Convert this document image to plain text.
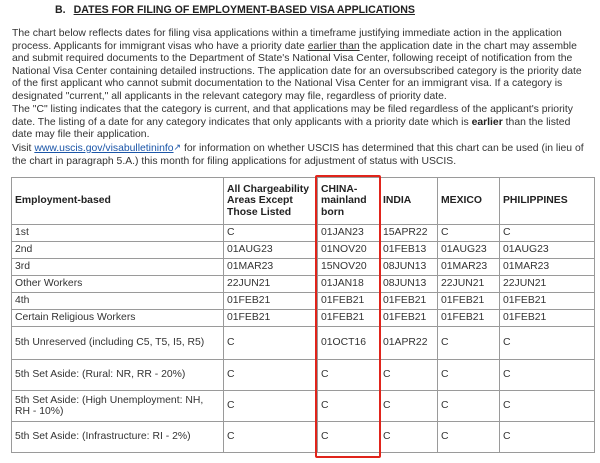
B. DATES FOR FILING OF EMPLOYMENT-BASED VISA APPLICATIONS
The chart below reflects dates for filing visa applications within a timeframe justifying immediate action in the application process. Applicants for immigrant visas who have a priority date earlier than the application date in the chart may assemble and submit required documents to the Department of State's National Visa Center, following receipt of notification from the National Visa Center containing detailed instructions. The application date for an oversubscribed category is the priority date of the first applicant who cannot submit documentation to the National Visa Center for an immigrant visa. If a category is designated "current," all applicants in the relevant category may file, regardless of priority date.
The "C" listing indicates that the category is current, and that applications may be filed regardless of the applicant's priority date. The listing of a date for any category indicates that only applicants with a priority date which is earlier than the listed date may file their application.
Visit www.uscis.gov/visabulletininfo↗ for information on whether USCIS has determined that this chart can be used (in lieu of the chart in paragraph 5.A.) this month for filing applications for adjustment of status with USCIS.
Employment-based	All Chargeability Areas Except Those Listed	CHINA-mainland born	INDIA	MEXICO	PHILIPPINES
1st	C	01JAN23	15APR22	C	C
2nd	01AUG23	01NOV20	01FEB13	01AUG23	01AUG23
3rd	01MAR23	15NOV20	08JUN13	01MAR23	01MAR23
Other Workers	22JUN21	01JAN18	08JUN13	22JUN21	22JUN21
4th	01FEB21	01FEB21	01FEB21	01FEB21	01FEB21
Certain Religious Workers	01FEB21	01FEB21	01FEB21	01FEB21	01FEB21
5th Unreserved (including C5, T5, I5, R5)	C	01OCT16	01APR22	C	C
5th Set Aside: (Rural: NR, RR - 20%)	C	C	C	C	C
5th Set Aside: (High Unemployment: NH, RH - 10%)	C	C	C	C	C
5th Set Aside: (Infrastructure: RI - 2%)	C	C	C	C	C
